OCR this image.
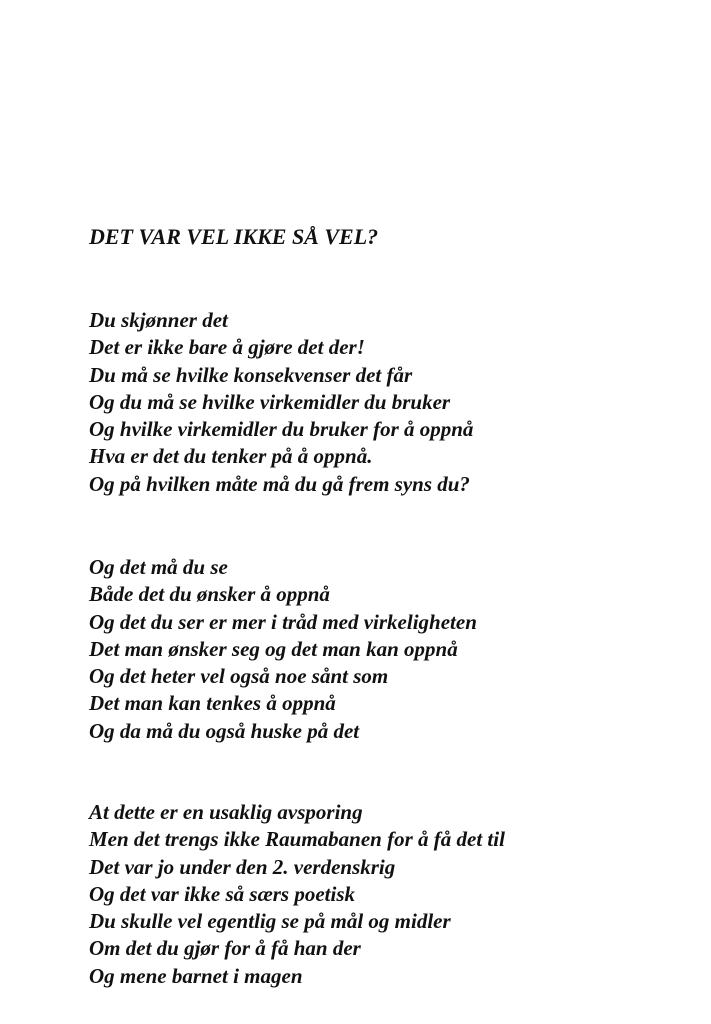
DET VAR VEL IKKE SÅ VEL?
Du skjønner det
Det er ikke bare å gjøre det der!
Du må se hvilke konsekvenser det får
Og du må se hvilke virkemidler du bruker
Og hvilke virkemidler du bruker for å oppnå
Hva er det du tenker på å oppnå.
Og på hvilken måte må du gå frem syns du?
Og det må du se
Både det du ønsker å oppnå
Og det du ser er mer i tråd med virkeligheten
Det man ønsker seg og det man kan oppnå
Og det heter vel også noe sånt som
Det man kan tenkes å oppnå
Og da må du også huske på det
At dette er en usaklig avsporing
Men det trengs ikke Raumabanen for å få det til
Det var jo under den 2. verdenskrig
Og det var ikke så særs poetisk
Du skulle vel egentlig se på mål og midler
Om det du gjør for å få han der
Og mene barnet i magen
